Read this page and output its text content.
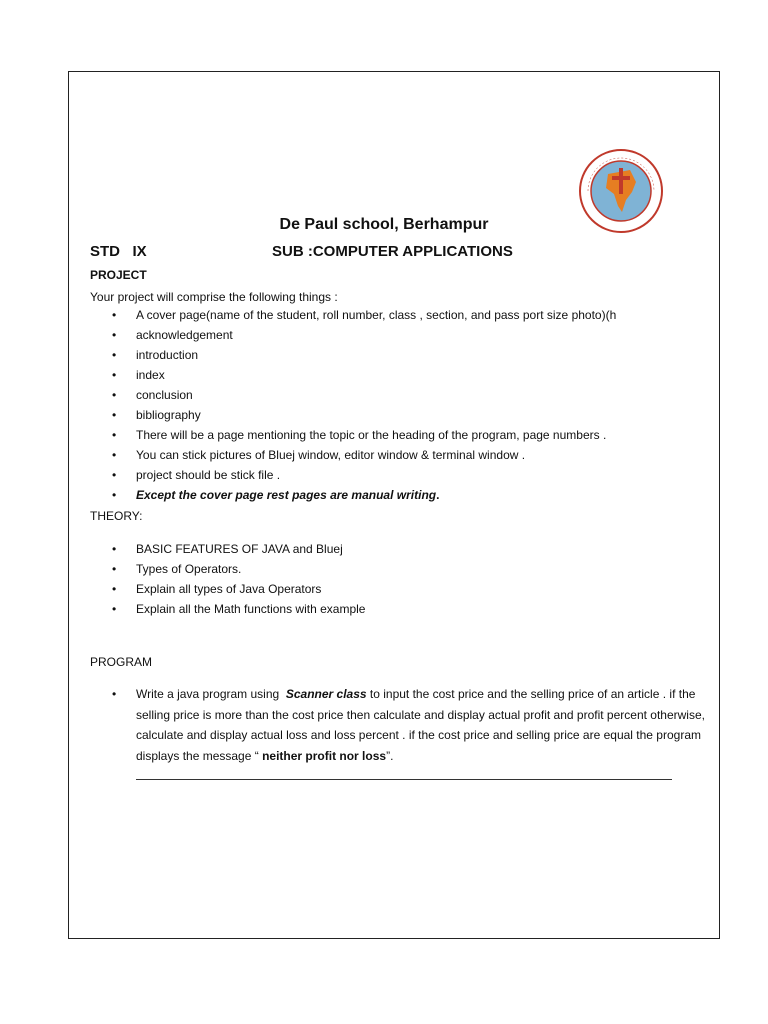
De Paul school, Berhampur
STD   IX	SUB :COMPUTER APPLICATIONS
PROJECT
Your project will comprise the following things :
• A cover page(name of the student, roll number, class , section, and pass port size photo)(h
• acknowledgement
• introduction
• index
• conclusion
• bibliography
• There will be a page mentioning the topic or the heading of the program, page numbers .
• You can stick pictures of Bluej window, editor window & terminal window .
• project should be stick file .
• Except the cover page rest pages are manual writing.
THEORY:
• BASIC FEATURES OF JAVA and Bluej
• Types of Operators.
• Explain all types of Java Operators
• Explain all the Math functions with example
PROGRAM
• Write a java program using  Scanner class to input the cost price and the selling price of an article . if the selling price is more than the cost price then calculate and display actual profit and profit percent otherwise, calculate and display actual loss and loss percent . if the cost price and selling price are equal the program displays the message “ neither profit nor loss”.
